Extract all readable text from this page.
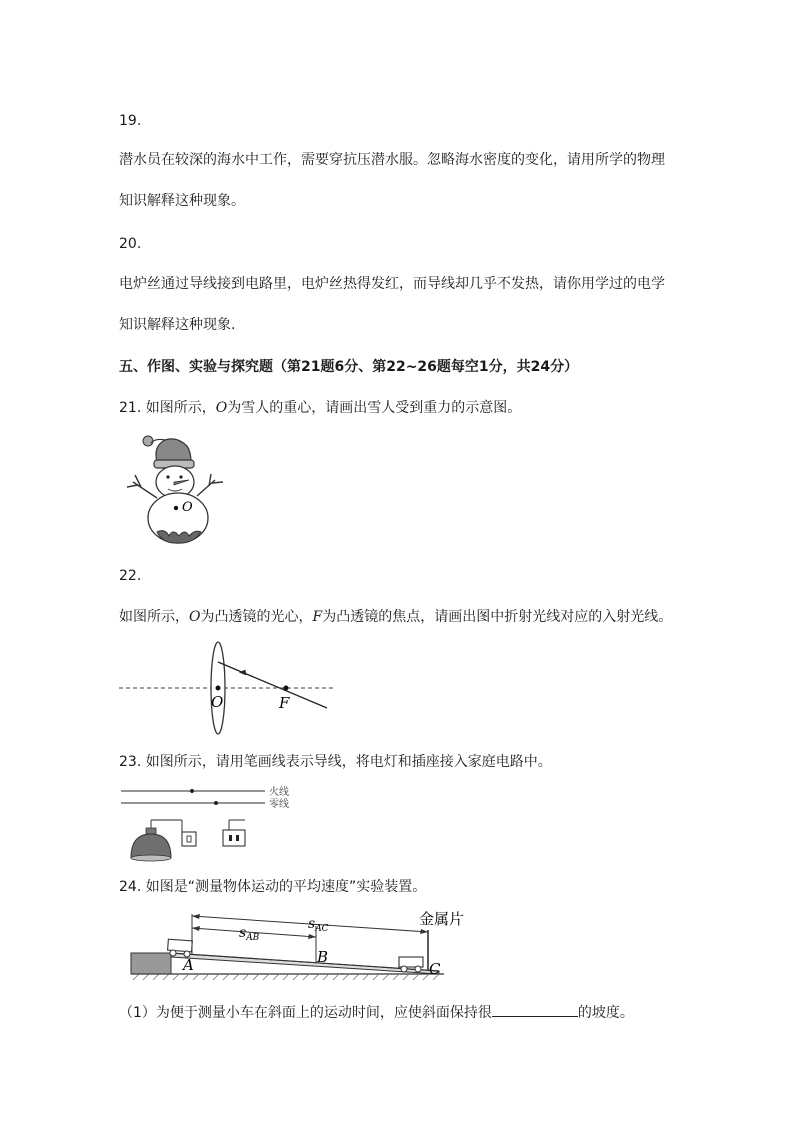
19.
潜水员在较深的海水中工作，需要穿抗压潜水服。忽略海水密度的变化，请用所学的物理
知识解释这种现象。
20.
电炉丝通过导线接到电路里，电炉丝热得发红，而导线却几乎不发热，请你用学过的电学
知识解释这种现象.
五、作图、实验与探究题（第21题6分、第22~26题每空1分，共24分）
21. 如图所示，O为雪人的重心，请画出雪人受到重力的示意图。
O
22.
如图所示，O为凸透镜的光心，F为凸透镜的焦点，请画出图中折射光线对应的入射光线。
O	F
23. 如图所示，请用笔画线表示导线，将电灯和插座接入家庭电路中。
火线
零线
24. 如图是“测量物体运动的平均速度”实验装置。
$s_{AC}$
$s_{AB}$
金属片
A	B
C
（1）为便于测量小车在斜面上的运动时间，应使斜面保持很	的坡度。
